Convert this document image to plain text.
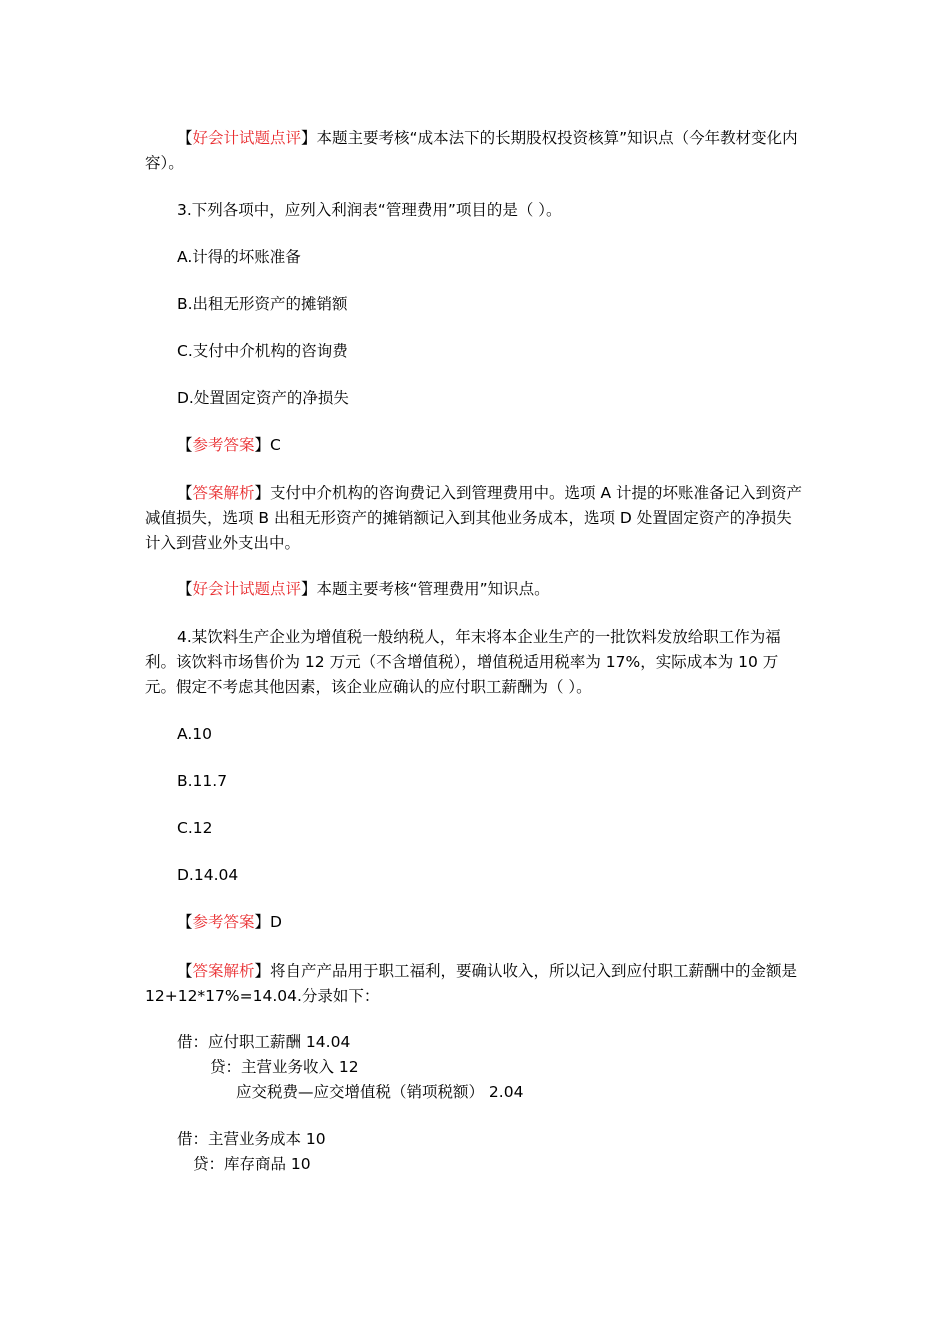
【好会计试题点评】本题主要考核“成本法下的长期股权投资核算”知识点（今年教材变化内容）。
3.下列各项中，应列入利润表“管理费用”项目的是（ ）。
A.计得的坏账准备
B.出租无形资产的摊销额
C.支付中介机构的咨询费
D.处置固定资产的净损失
【参考答案】C
【答案解析】支付中介机构的咨询费记入到管理费用中。选项 A 计提的坏账准备记入到资产减值损失，选项 B 出租无形资产的摊销额记入到其他业务成本，选项 D 处置固定资产的净损失计入到营业外支出中。
【好会计试题点评】本题主要考核“管理费用”知识点。
4.某饮料生产企业为增值税一般纳税人，年末将本企业生产的一批饮料发放给职工作为福利。该饮料市场售价为 12 万元（不含增值税），增值税适用税率为 17%，实际成本为 10 万元。假定不考虑其他因素，该企业应确认的应付职工薪酬为（ ）。
A.10
B.11.7
C.12
D.14.04
【参考答案】D
【答案解析】将自产产品用于职工福利，要确认收入，所以记入到应付职工薪酬中的金额是 12+12*17%=14.04.分录如下：
借：应付职工薪酬 14.04
贷：主营业务收入 12
应交税费—应交增值税（销项税额） 2.04
借：主营业务成本 10
贷：库存商品 10
